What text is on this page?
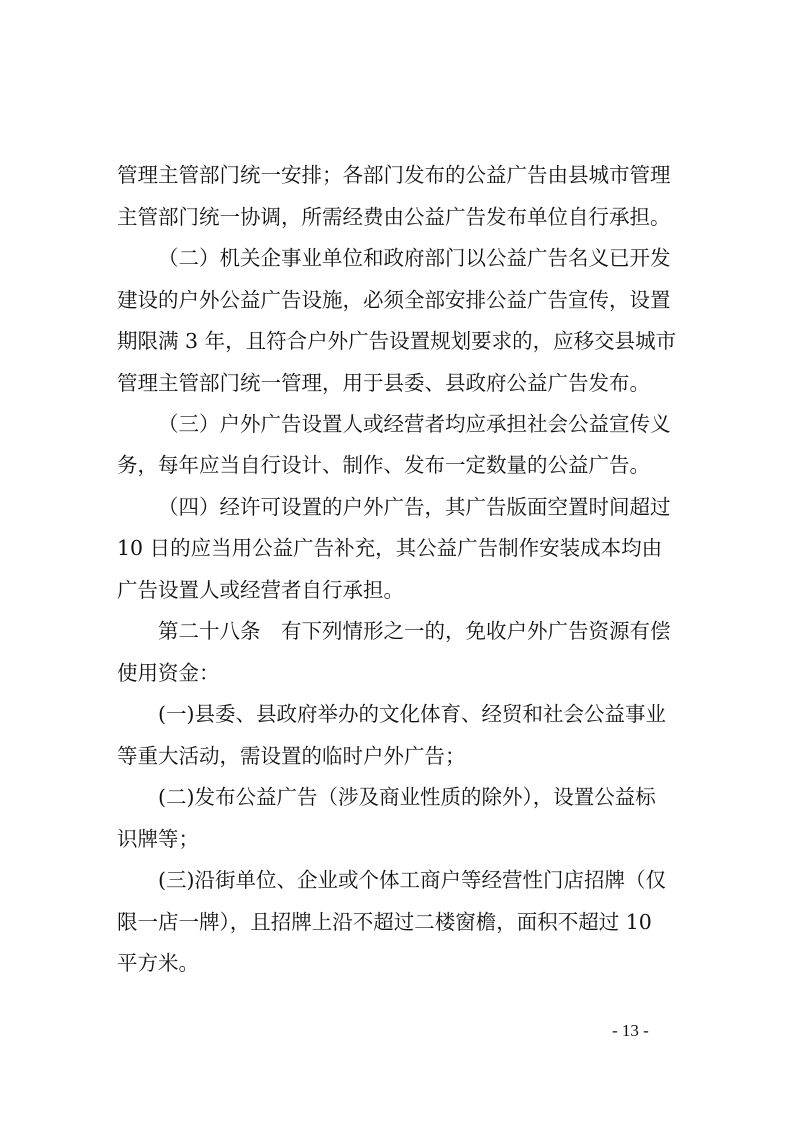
管理主管部门统一安排；各部门发布的公益广告由县城市管理
主管部门统一协调，所需经费由公益广告发布单位自行承担。
（二）机关企事业单位和政府部门以公益广告名义已开发
建设的户外公益广告设施，必须全部安排公益广告宣传，设置
期限满 3 年，且符合户外广告设置规划要求的，应移交县城市
管理主管部门统一管理，用于县委、县政府公益广告发布。
（三）户外广告设置人或经营者均应承担社会公益宣传义
务，每年应当自行设计、制作、发布一定数量的公益广告。
（四）经许可设置的户外广告，其广告版面空置时间超过
10 日的应当用公益广告补充，其公益广告制作安装成本均由
广告设置人或经营者自行承担。
第二十八条　有下列情形之一的，免收户外广告资源有偿
使用资金：
(一)县委、县政府举办的文化体育、经贸和社会公益事业
等重大活动，需设置的临时户外广告；
(二)发布公益广告（涉及商业性质的除外），设置公益标
识牌等；
(三)沿街单位、企业或个体工商户等经营性门店招牌（仅
限一店一牌），且招牌上沿不超过二楼窗檐，面积不超过 10
平方米。
- 13 -
